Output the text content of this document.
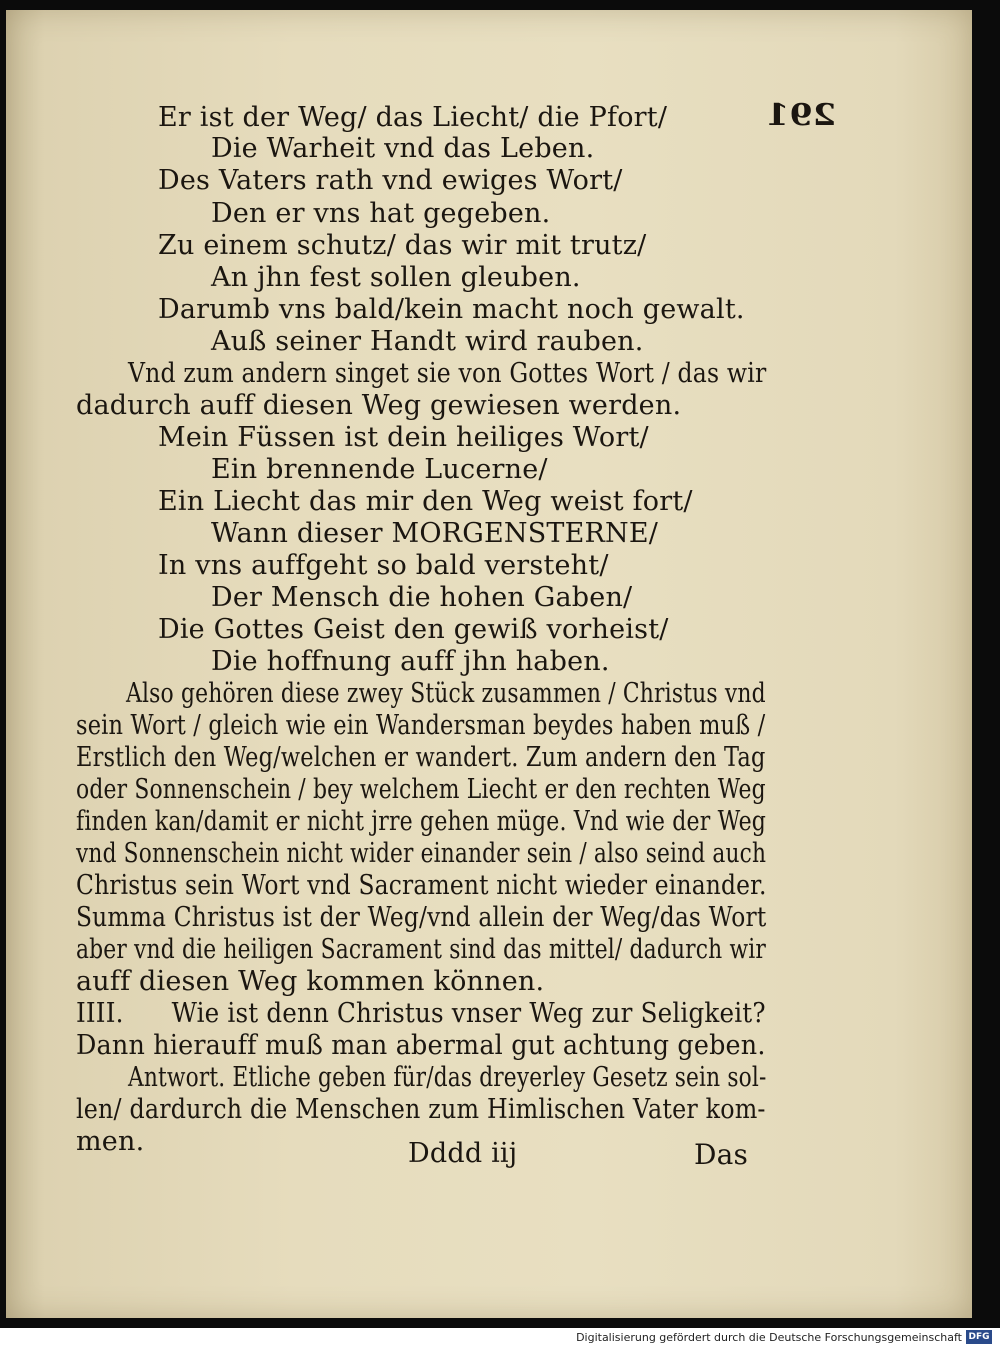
291
Er ist der Weg/ das Liecht/ die Pfort/
Die Warheit vnd das Leben.
Des Vaters rath vnd ewiges Wort/
Den er vns hat gegeben.
Zu einem schutz/ das wir mit trutz/
An jhn fest sollen gleuben.
Darumb vns bald/kein macht noch gewalt.
Auß seiner Handt wird rauben.
Vnd zum andern singet sie von Gottes Wort / das wir
dadurch auff diesen Weg gewiesen werden.
Mein Füssen ist dein heiliges Wort/
Ein brennende Lucerne/
Ein Liecht das mir den Weg weist fort/
Wann dieser MORGENSTERNE/
In vns auffgeht so bald versteht/
Der Mensch die hohen Gaben/
Die Gottes Geist den gewiß vorheist/
Die hoffnung auff jhn haben.
Also gehören diese zwey Stück zusammen / Christus vnd
sein Wort / gleich wie ein Wandersman beydes haben muß /
Erstlich den Weg/welchen er wandert. Zum andern den Tag
oder Sonnenschein / bey welchem Liecht er den rechten Weg
finden kan/damit er nicht jrre gehen müge. Vnd wie der Weg
vnd Sonnenschein nicht wider einander sein / also seind auch
Christus sein Wort vnd Sacrament nicht wieder einander.
Summa Christus ist der Weg/vnd allein der Weg/das Wort
aber vnd die heiligen Sacrament sind das mittel/ dadurch wir
auff diesen Weg kommen können.
IIII.      Wie ist denn Christus vnser Weg zur Seligkeit?
Dann hierauff muß man abermal gut achtung geben.
Antwort. Etliche geben für/das dreyerley Gesetz sein sol-
len/ dardurch die Menschen zum Himlischen Vater kom-
men.	Dddd iij	Das
Digitalisierung gefördert durch die Deutsche Forschungsgemeinschaft DFG
